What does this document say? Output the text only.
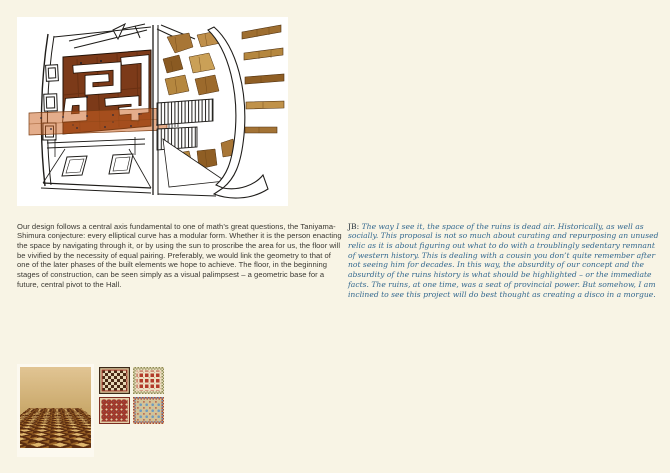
Our design follows a central axis fundamental to one of math’s great questions, the Taniyama-Shimura conjecture: every elliptical curve has a modular form. Whether it is the person enacting the space by navigating through it, or by using the sun to proscribe the area for us, the floor will be vivified by the necessity of equal pairing. Preferably, we would link the geometry to that of one of the later phases of the built elements we hope to achieve. The floor, in the beginning stages of construction, can be seen simply as a visual palimpsest – a geometric base for a future, central pivot to the Hall.

JB: The way I see it, the space of the ruins is dead air. Historically, as well as socially. This proposal is not so much about curating and repurposing an unused relic as it is about figuring out what to do with a troublingly sedentary remnant of western history. This is dealing with a cousin you don’t quite remember after not seeing him for decades. In this way, the absurdity of our concept and the absurdity of the ruins history is what should be highlighted – or the immediate facts. The ruins, at one time, was a seat of provincial power. But somehow, I am inclined to see this project will do best thought as creating a disco in a morgue.
